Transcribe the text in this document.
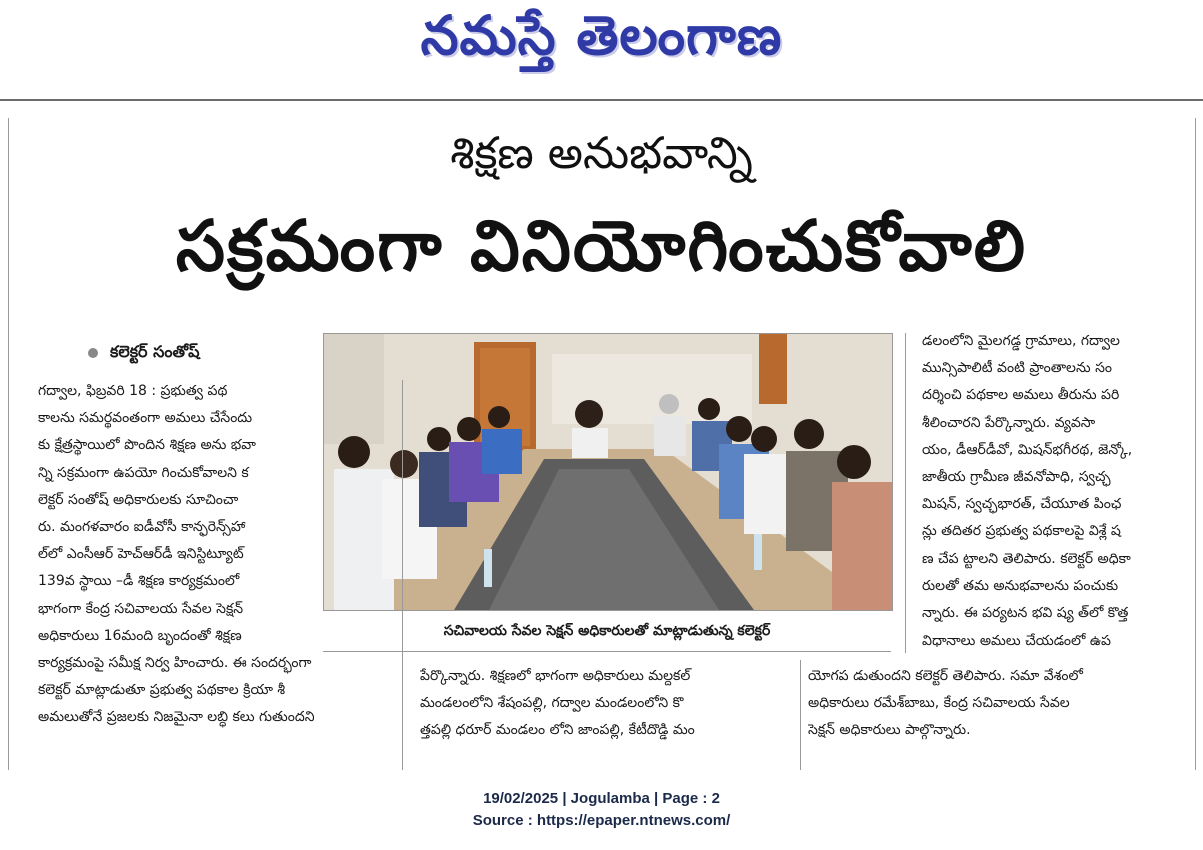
నమస్తే తెలంగాణ
శిక్షణ అనుభవాన్ని
సక్రమంగా వినియోగించుకోవాలి
కలెక్టర్ సంతోష్
గద్వాల, ఫిబ్రవరి 18 : ప్రభుత్వ పథ
కాలను సమర్థవంతంగా అమలు చేసేందు
కు క్షేత్రస్థాయిలో పొందిన శిక్షణ అను భవా
న్ని సక్రమంగా ఉపయో గించుకోవాలని క
లెక్టర్ సంతోష్ అధికారులకు సూచించా
రు. మంగళవారం ఐడీవోసీ కాన్ఫరెన్స్‌హా
ల్‌లో ఎంసీఆర్ హెచ్‌ఆర్‌డీ ఇనిస్టిట్యూట్
139వ స్థాయి –డీ శిక్షణ కార్యక్రమంలో
భాగంగా కేంద్ర సచివాలయ సేవల సెక్షన్
అధికారులు 16మంది బృందంతో శిక్షణ
కార్యక్రమంపై సమీక్ష నిర్వ హించారు. ఈ సందర్భంగా
కలెక్టర్ మాట్లాడుతూ ప్రభుత్వ పథకాల క్రియా శీ
అమలుతోనే ప్రజలకు నిజమైనా లబ్ధి కలు గుతుందని
సచివాలయ సేవల సెక్షన్ అధికారులతో మాట్లాడుతున్న కలెక్టర్
డలంలోని మైలగడ్డ గ్రామాలు, గద్వాల
మున్సిపాలిటీ వంటి ప్రాంతాలను సం
దర్శించి పథకాల అమలు తీరును పరి
శీలించారని పేర్కొన్నారు. వ్యవసా
యం, డీఆర్‌డీవో, మిషన్‌భగీరథ, జెన్కో,
జాతీయ గ్రామీణ జీవనోపాధి, స్వచ్ఛ
మిషన్, స్వచ్ఛభారత్, చేయూత పింఛ
న్లు తదితర ప్రభుత్వ పథకాలపై విశ్లే ష
ణ చేప ట్టాలని తెలిపారు. కలెక్టర్ అధికా
రులతో తమ అనుభవాలను పంచుకు
న్నారు. ఈ పర్యటన భవి ష్య త్‌లో కొత్త
విధానాలు అమలు చేయడంలో ఉప
పేర్కొన్నారు. శిక్షణలో భాగంగా అధికారులు మల్దకల్
మండలంలోని శేషంపల్లి, గద్వాల మండలంలోని కొ
త్తపల్లి ధరూర్ మండలం లోని జాంపల్లి, కేటీదొడ్డి మం
యోగప డుతుందని కలెక్టర్ తెలిపారు. సమా వేశంలో
అధికారులు రమేశ్‌బాబు, కేంద్ర సచివాలయ సేవల
సెక్షన్ అధికారులు పాల్గొన్నారు.
19/02/2025 | Jogulamba | Page : 2
Source : https://epaper.ntnews.com/
